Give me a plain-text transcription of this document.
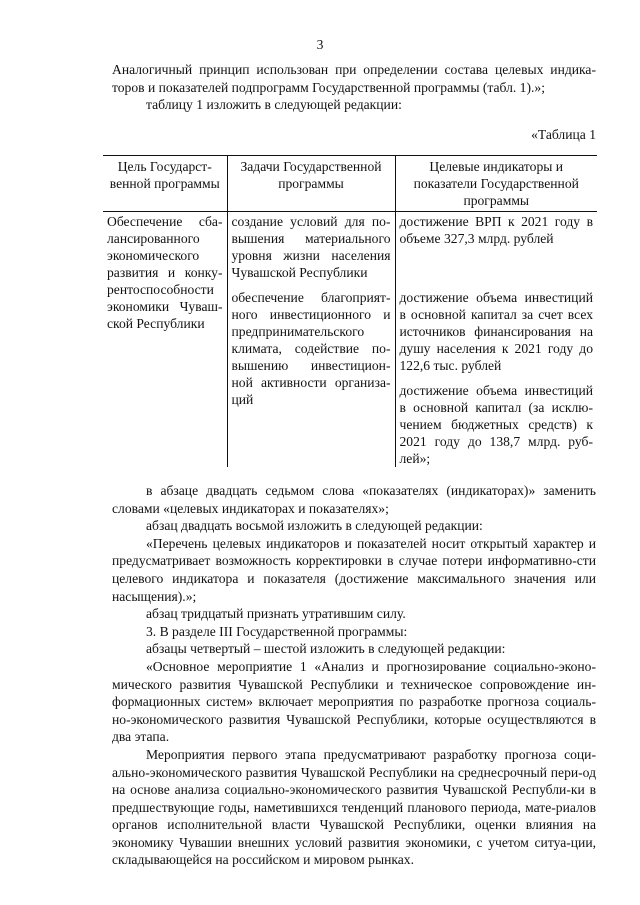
3
Аналогичный принцип использован при определении состава целевых индика-торов и показателей подпрограмм Государственной программы (табл. 1).»;
таблицу 1 изложить в следующей редакции:
«Таблица 1
Цель Государст-венной программы	Задачи Государственной программы	Целевые индикаторы и показатели Государственной программы
Обеспечение сба-лансированного экономического развития и конку-рентоспособности экономики Чуваш-ской Республики	создание условий для по-вышения материального уровня жизни населения Чувашской Республики	достижение ВРП к 2021 году в объеме 327,3 млрд. рублей
	обеспечение благоприят-ного инвестиционного и предпринимательского климата, содействие по-вышению инвестицион-ной активности организа-ций	достижение объема инвестиций в основной капитал за счет всех источников финансирования на душу населения к 2021 году до 122,6 тыс. рублей
		достижение объема инвестиций в основной капитал (за исклю-чением бюджетных средств) к 2021 году до 138,7 млрд. руб-лей»;
в абзаце двадцать седьмом слова «показателях (индикаторах)» заменить словами «целевых индикаторах и показателях»;
абзац двадцать восьмой изложить в следующей редакции:
«Перечень целевых индикаторов и показателей носит открытый характер и предусматривает возможность корректировки в случае потери информативно-сти целевого индикатора и показателя (достижение максимального значения или насыщения).»;
абзац тридцатый признать утратившим силу.
3. В разделе III Государственной программы:
абзацы четвертый – шестой изложить в следующей редакции:
«Основное мероприятие 1 «Анализ и прогнозирование социально-эконо-мического развития Чувашской Республики и техническое сопровождение ин-формационных систем» включает мероприятия по разработке прогноза социаль-но-экономического развития Чувашской Республики, которые осуществляются в два этапа.
Мероприятия первого этапа предусматривают разработку прогноза соци-ально-экономического развития Чувашской Республики на среднесрочный пери-од на основе анализа социально-экономического развития Чувашской Республи-ки в предшествующие годы, наметившихся тенденций планового периода, мате-риалов органов исполнительной власти Чувашской Республики, оценки влияния на экономику Чувашии внешних условий развития экономики, с учетом ситуа-ции, складывающейся на российском и мировом рынках.
